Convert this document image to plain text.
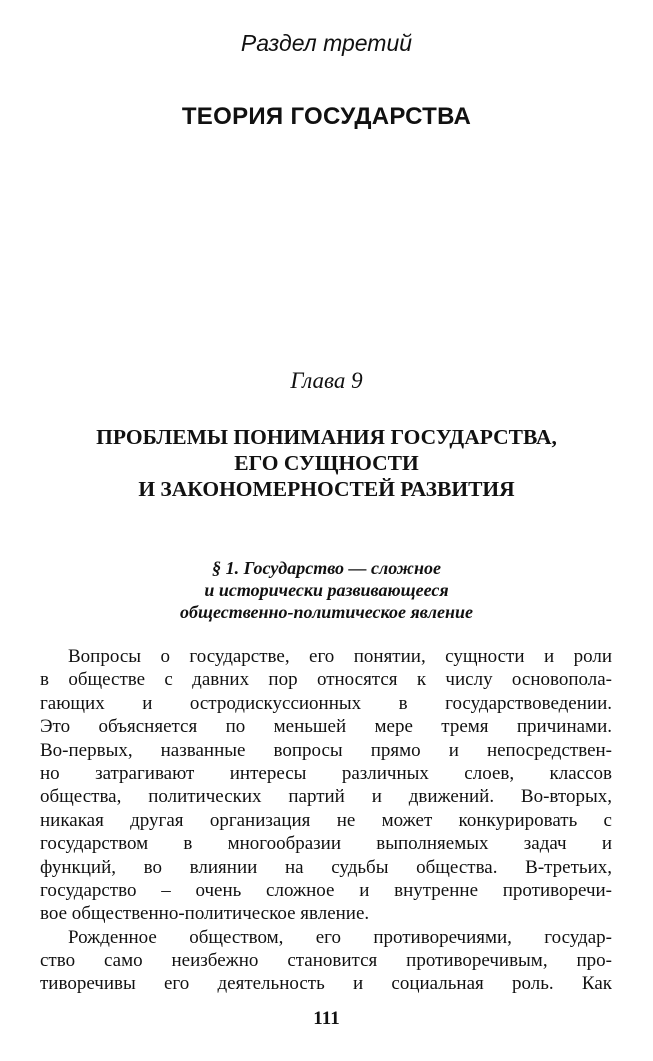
Раздел третий
ТЕОРИЯ ГОСУДАРСТВА
Глава 9
ПРОБЛЕМЫ ПОНИМАНИЯ ГОСУДАРСТВА,
ЕГО СУЩНОСТИ
И ЗАКОНОМЕРНОСТЕЙ РАЗВИТИЯ
§ 1. Государство — сложное
и исторически развивающееся
общественно-политическое явление
Вопросы о государстве, его понятии, сущности и роли
в обществе с давних пор относятся к числу основопола-
гающих и остродискуссионных в государствоведении.
Это объясняется по меньшей мере тремя причинами.
Во-первых, названные вопросы прямо и непосредствен-
но затрагивают интересы различных слоев, классов
общества, политических партий и движений. Во-вторых,
никакая другая организация не может конкурировать с
государством в многообразии выполняемых задач и
функций, во влиянии на судьбы общества. В-третьих,
государство – очень сложное и внутренне противоречи-
вое общественно-политическое явление.
Рожденное обществом, его противоречиями, государ-
ство само неизбежно становится противоречивым, про-
тиворечивы его деятельность и социальная роль. Как
111
